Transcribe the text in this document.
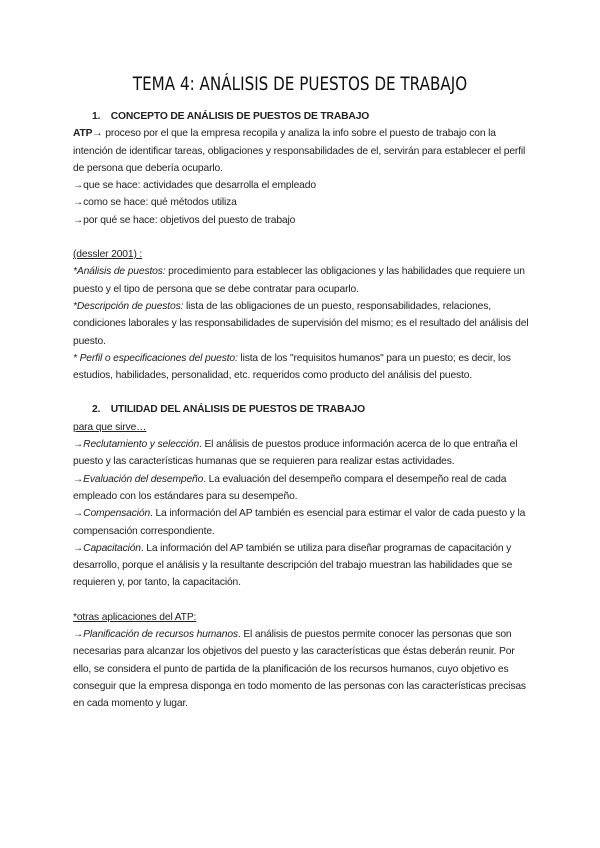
TEMA 4: ANÁLISIS DE PUESTOS DE TRABAJO

1. CONCEPTO DE ANÁLISIS DE PUESTOS DE TRABAJO

ATP→ proceso por el que la empresa recopila y analiza la info sobre el puesto de trabajo con la intención de identificar tareas, obligaciones y responsabilidades de el, servirán para establecer el perfil de persona que debería ocuparlo.

→que se hace: actividades que desarrolla el empleado

→como se hace: qué métodos utiliza

→por qué se hace: objetivos del puesto de trabajo

(dessler 2001) :

*Análisis de puestos: procedimiento para establecer las obligaciones y las habilidades que requiere un puesto y el tipo de persona que se debe contratar para ocuparlo.

*Descripción de puestos: lista de las obligaciones de un puesto, responsabilidades, relaciones, condiciones laborales y las responsabilidades de supervisión del mismo; es el resultado del análisis del puesto.

* Perfil o especificaciones del puesto: lista de los "requisitos humanos" para un puesto; es decir, los estudios, habilidades, personalidad, etc. requeridos como producto del análisis del puesto.

2. UTILIDAD DEL ANÁLISIS DE PUESTOS DE TRABAJO

para que sirve…

→Reclutamiento y selección. El análisis de puestos produce información acerca de lo que entraña el puesto y las características humanas que se requieren para realizar estas actividades.

→Evaluación del desempeño. La evaluación del desempeño compara el desempeño real de cada empleado con los estándares para su desempeño.

→Compensación. La información del AP también es esencial para estimar el valor de cada puesto y la compensación correspondiente.

→Capacitación. La información del AP también se utiliza para diseñar programas de capacitación y desarrollo, porque el análisis y la resultante descripción del trabajo muestran las habilidades que se requieren y, por tanto, la capacitación.

*otras aplicaciones del ATP:

→Planificación de recursos humanos. El análisis de puestos permite conocer las personas que son necesarias para alcanzar los objetivos del puesto y las características que éstas deberán reunir. Por ello, se considera el punto de partida de la planificación de los recursos humanos, cuyo objetivo es conseguir que la empresa disponga en todo momento de las personas con las características precisas en cada momento y lugar.
